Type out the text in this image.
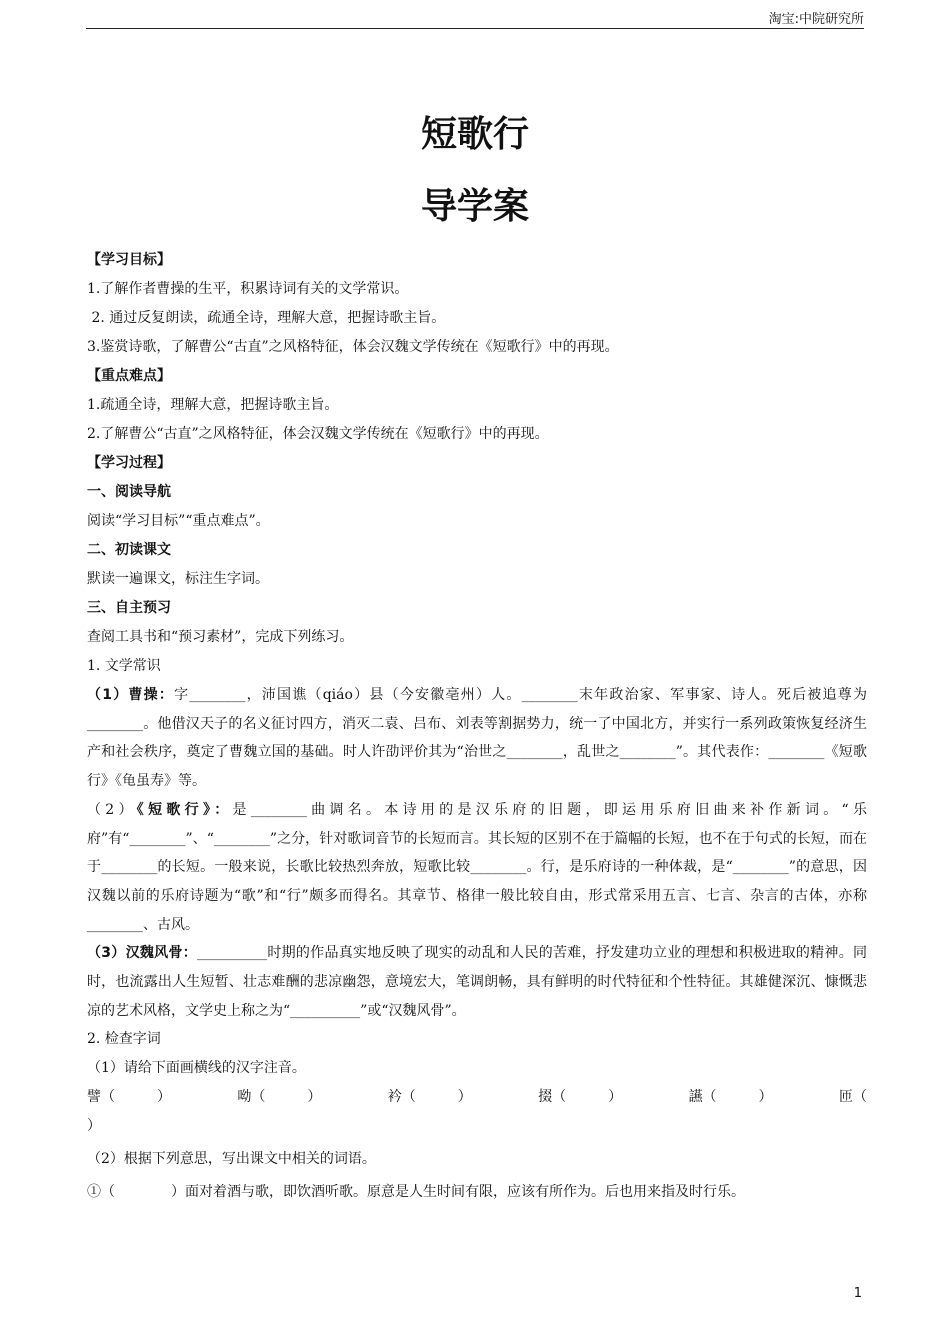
淘宝:中院研究所
短歌行
导学案
【学习目标】
1.了解作者曹操的生平，积累诗词有关的文学常识。
2. 通过反复朗读，疏通全诗，理解大意，把握诗歌主旨。
3.鉴赏诗歌，了解曹公“古直”之风格特征，体会汉魏文学传统在《短歌行》中的再现。
【重点难点】
1.疏通全诗，理解大意，把握诗歌主旨。
2.了解曹公“古直”之风格特征，体会汉魏文学传统在《短歌行》中的再现。
【学习过程】
一、阅读导航
阅读“学习目标”“重点难点”。
二、初读课文
默读一遍课文，标注生字词。
三、自主预习
查阅工具书和“预习素材”，完成下列练习。
1. 文学常识

（1）曹操：字________，沛国谯（qiáo）县（今安徽亳州）人。________末年政治家、军事家、诗人。死后被追尊为________。他借汉天子的名义征讨四方，消灭二袁、吕布、刘表等割据势力，统一了中国北方，并实行一系列政策恢复经济生产和社会秩序，奠定了曹魏立国的基础。时人许劭评价其为“治世之________，乱世之________”。其代表作：________《短歌行》《龟虽寿》等。

（2）《短歌行》：是________曲调名。本诗用的是汉乐府的旧题，即运用乐府旧曲来补作新词。“乐府”有“________”、“________”之分，针对歌词音节的长短而言。其长短的区别不在于篇幅的长短，也不在于句式的长短，而在于________的长短。一般来说，长歌比较热烈奔放，短歌比较________。行，是乐府诗的一种体裁，是“________”的意思，因汉魏以前的乐府诗题为“歌”和“行”颇多而得名。其章节、格律一般比较自由，形式常采用五言、七言、杂言的古体，亦称________、古风。

（3）汉魏风骨：__________时期的作品真实地反映了现实的动乱和人民的苦难，抒发建功立业的理想和积极进取的精神。同时，也流露出人生短暂、壮志难酬的悲凉幽怨，意境宏大，笔调朗畅，具有鲜明的时代特征和个性特征。其雄健深沉、慷慨悲凉的艺术风格，文学史上称之为“__________”或“汉魏风骨”。

2. 检查字词
（1）请给下面画横线的汉字注音。
譬（　　　）	呦（　　　）	衿（　　　）	掇（　　　）	讌（　　　）	匝（
）
（2）根据下列意思，写出课文中相关的词语。
①（　　　　）面对着酒与歌，即饮酒听歌。原意是人生时间有限，应该有所作为。后也用来指及时行乐。
1
